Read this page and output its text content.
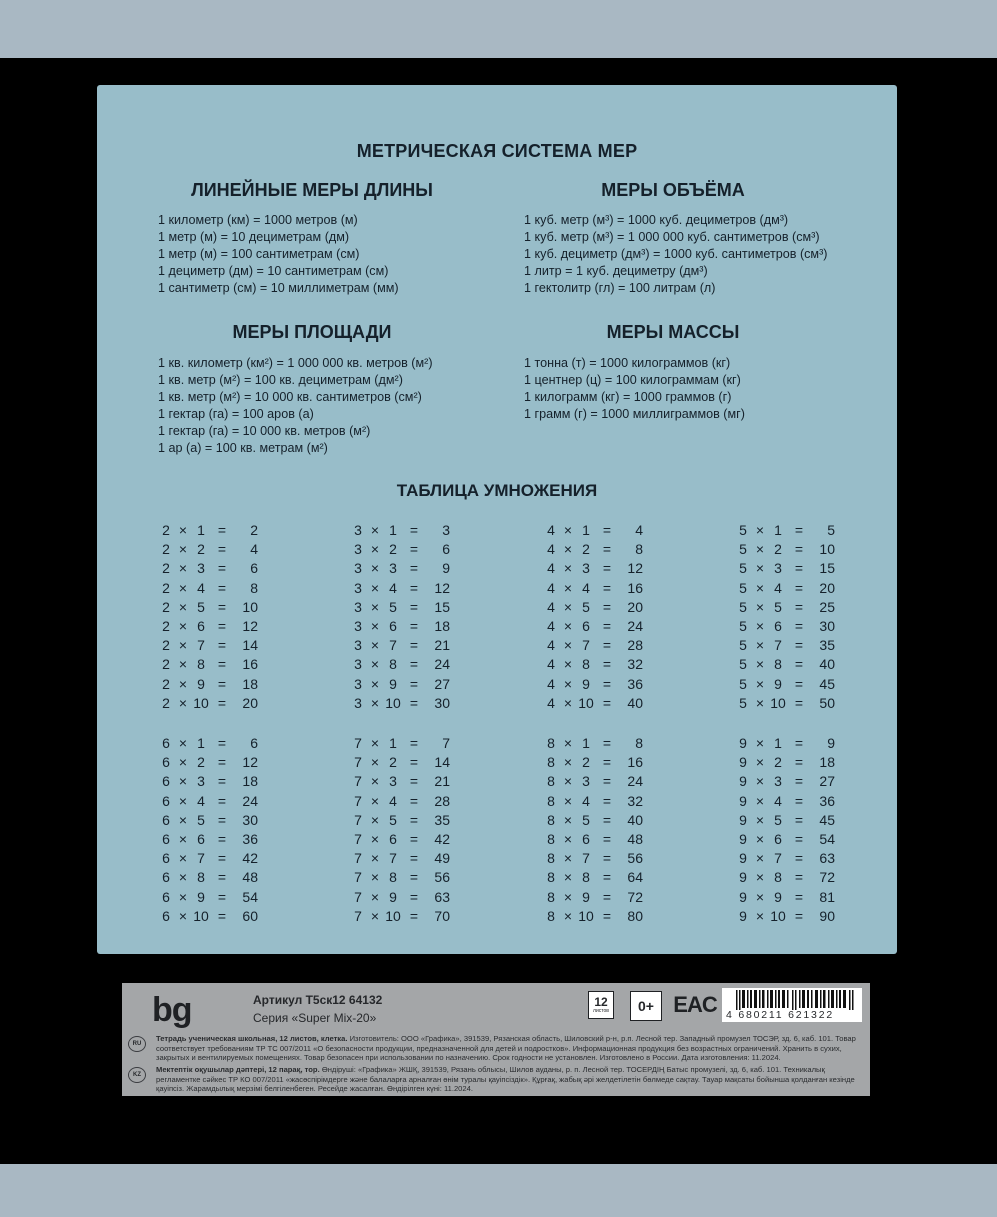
МЕТРИЧЕСКАЯ СИСТЕМА МЕР
ЛИНЕЙНЫЕ МЕРЫ ДЛИНЫ
1 километр (км) = 1000 метров (м)
1 метр (м) = 10 дециметрам (дм)
1 метр (м) = 100 сантиметрам (см)
1 дециметр (дм) = 10 сантиметрам (см)
1 сантиметр (см) = 10 миллиметрам (мм)
МЕРЫ ОБЪЁМА
1 куб. метр (м³) = 1000 куб. дециметров (дм³)
1 куб. метр (м³) = 1 000 000 куб. сантиметров (см³)
1 куб. дециметр (дм³) = 1000 куб. сантиметров (см³)
1 литр = 1 куб. дециметру (дм³)
1 гектолитр (гл) = 100 литрам (л)
МЕРЫ ПЛОЩАДИ
1 кв. километр (км²) = 1 000 000 кв. метров (м²)
1 кв. метр (м²) = 100 кв. дециметрам (дм²)
1 кв. метр (м²) = 10 000 кв. сантиметров (см²)
1 гектар (га) = 100 аров (а)
1 гектар (га) = 10 000 кв. метров (м²)
1 ар (а) = 100 кв. метрам (м²)
МЕРЫ МАССЫ
1 тонна (т) = 1000 килограммов (кг)
1 центнер (ц) = 100 килограммам (кг)
1 килограмм (кг) = 1000 граммов (г)
1 грамм (г) = 1000 миллиграммов (мг)
ТАБЛИЦА УМНОЖЕНИЯ
2 × 1 =	2
2 × 2 =	4
2 × 3 =	6
2 × 4 =	8
2 × 5 =	10
2 × 6 =	12
2 × 7 =	14
2 × 8 =	16
2 × 9 =	18
2 × 10 =	20
3 × 1 =	3
3 × 2 =	6
3 × 3 =	9
3 × 4 =	12
3 × 5 =	15
3 × 6 =	18
3 × 7 =	21
3 × 8 =	24
3 × 9 =	27
3 × 10 =	30
4 × 1 =	4
4 × 2 =	8
4 × 3 =	12
4 × 4 =	16
4 × 5 =	20
4 × 6 =	24
4 × 7 =	28
4 × 8 =	32
4 × 9 =	36
4 × 10 =	40
5 × 1 =	5
5 × 2 =	10
5 × 3 =	15
5 × 4 =	20
5 × 5 =	25
5 × 6 =	30
5 × 7 =	35
5 × 8 =	40
5 × 9 =	45
5 × 10 =	50
6 × 1 =	6
6 × 2 =	12
6 × 3 =	18
6 × 4 =	24
6 × 5 =	30
6 × 6 =	36
6 × 7 =	42
6 × 8 =	48
6 × 9 =	54
6 × 10 =	60
7 × 1 =	7
7 × 2 =	14
7 × 3 =	21
7 × 4 =	28
7 × 5 =	35
7 × 6 =	42
7 × 7 =	49
7 × 8 =	56
7 × 9 =	63
7 × 10 =	70
8 × 1 =	8
8 × 2 =	16
8 × 3 =	24
8 × 4 =	32
8 × 5 =	40
8 × 6 =	48
8 × 7 =	56
8 × 8 =	64
8 × 9 =	72
8 × 10 =	80
9 × 1 =	9
9 × 2 =	18
9 × 3 =	27
9 × 4 =	36
9 × 5 =	45
9 × 6 =	54
9 × 7 =	63
9 × 8 =	72
9 × 9 =	81
9 × 10 =	90
bg	Артикул Т5ск12 64132
Серия «Super Mix-20»
12
листов	0+ EAC 4 680211 621322
RU
Тетрадь ученическая школьная, 12 листов, клетка. Изготовитель: ООО «Графика», 391539, Рязанская область, Шиловский р-н, р.п. Лесной тер. Западный промузел ТОСЭР, зд. 6, каб. 101. Товар соответствует требованиям ТР ТС 007/2011 «О безопасности продукции, предназначенной для детей и подростков». Информационная продукция без возрастных ограничений. Хранить в сухих, закрытых и вентилируемых помещениях. Товар безопасен при использовании по назначению. Срок годности не установлен. Изготовлено в России. Дата изготовления: 11.2024.
KZ
Мектептік оқушылар дәптері, 12 парақ, тор. Өндіруші: «Графика» ЖШҚ, 391539, Рязань облысы, Шилов ауданы, р. п. Лесной тер. ТОСЕРДІҢ Батыс промузелі, зд. 6, каб. 101. Техникалық регламентке сәйкес ТР КО 007/2011 «жасөспірімдерге және балаларға арналған өнім туралы қауіпсіздік». Құрғақ, жабық әрі желдетілетін бөлмеде сақтау. Тауар мақсаты бойынша қолданған кезінде қауіпсіз. Жарамдылық мерзімі белгіленбеген. Ресейде жасалған. Өндірілген күні: 11.2024.
